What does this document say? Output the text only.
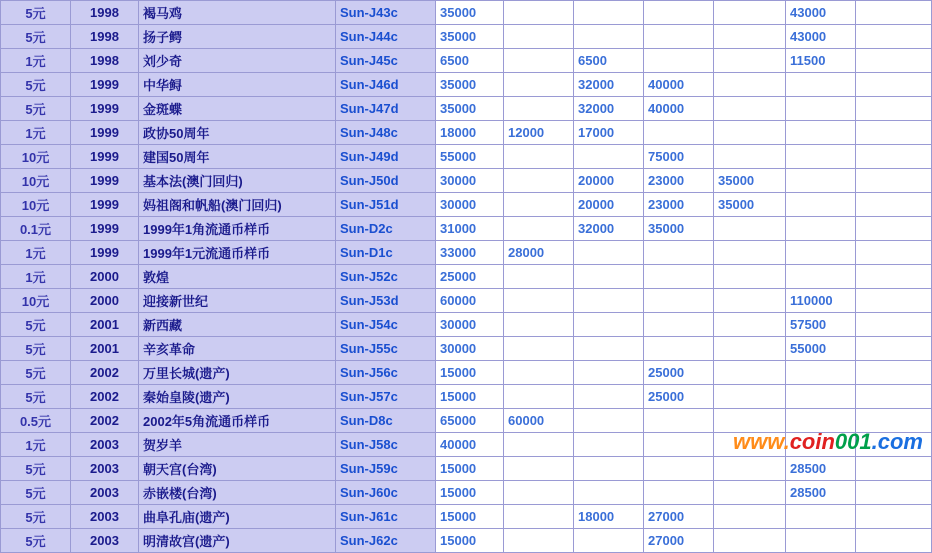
5元	1998	褐马鸡	Sun-J43c	35000					43000	
5元	1998	扬子鳄	Sun-J44c	35000					43000	
1元	1998	刘少奇	Sun-J45c	6500		6500			11500	
5元	1999	中华鲟	Sun-J46d	35000		32000	40000			
5元	1999	金斑蝶	Sun-J47d	35000		32000	40000			
1元	1999	政协50周年	Sun-J48c	18000	12000	17000				
10元	1999	建国50周年	Sun-J49d	55000			75000			
10元	1999	基本法(澳门回归)	Sun-J50d	30000		20000	23000	35000		
10元	1999	妈祖阁和帆船(澳门回归)	Sun-J51d	30000		20000	23000	35000		
0.1元	1999	1999年1角流通币样币	Sun-D2c	31000		32000	35000			
1元	1999	1999年1元流通币样币	Sun-D1c	33000	28000					
1元	2000	敦煌	Sun-J52c	25000						
10元	2000	迎接新世纪	Sun-J53d	60000					110000	
5元	2001	新西藏	Sun-J54c	30000					57500	
5元	2001	辛亥革命	Sun-J55c	30000					55000	
5元	2002	万里长城(遗产)	Sun-J56c	15000			25000			
5元	2002	秦始皇陵(遗产)	Sun-J57c	15000			25000			
0.5元	2002	2002年5角流通币样币	Sun-D8c	65000	60000					
1元	2003	贺岁羊	Sun-J58c	40000						
5元	2003	朝天宫(台湾)	Sun-J59c	15000					28500	
5元	2003	赤嵌楼(台湾)	Sun-J60c	15000					28500	
5元	2003	曲阜孔庙(遗产)	Sun-J61c	15000		18000	27000			
5元	2003	明清故宫(遗产)	Sun-J62c	15000			27000			
www.coin001.com
